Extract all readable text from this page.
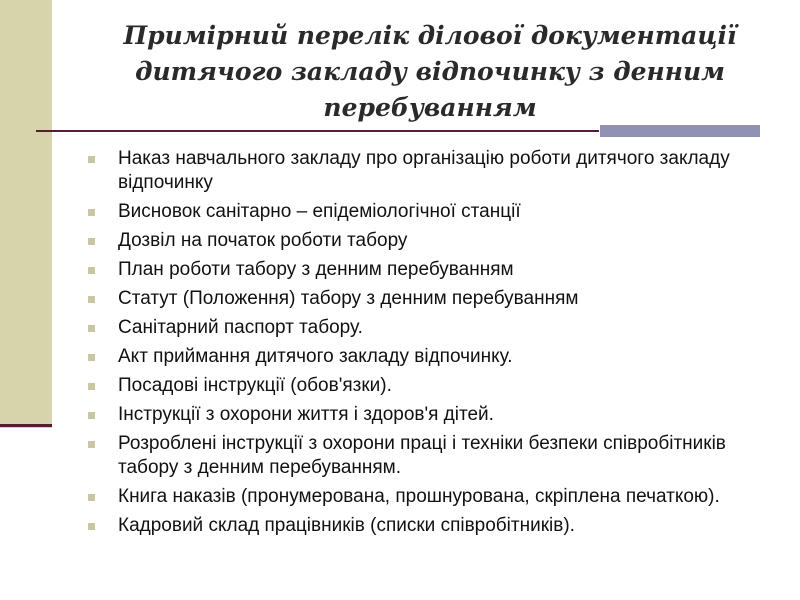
Примірний перелік ділової документації
дитячого закладу відпочинку з денним
перебуванням
Наказ навчального закладу про організацію роботи дитячого закладу відпочинку
Висновок санітарно – епідеміологічної станції
Дозвіл на початок роботи табору
План роботи табору з денним перебуванням
Статут (Положення) табору з денним перебуванням
Санітарний паспорт табору.
Акт приймання дитячого закладу відпочинку.
Посадові інструкції (обов'язки).
Інструкції з охорони життя і здоров'я дітей.
Розроблені інструкції з охорони праці і техніки безпеки співробітників табору з денним перебуванням.
Книга наказів (пронумерована, прошнурована, скріплена печаткою).
Кадровий склад працівників (списки співробітників).
